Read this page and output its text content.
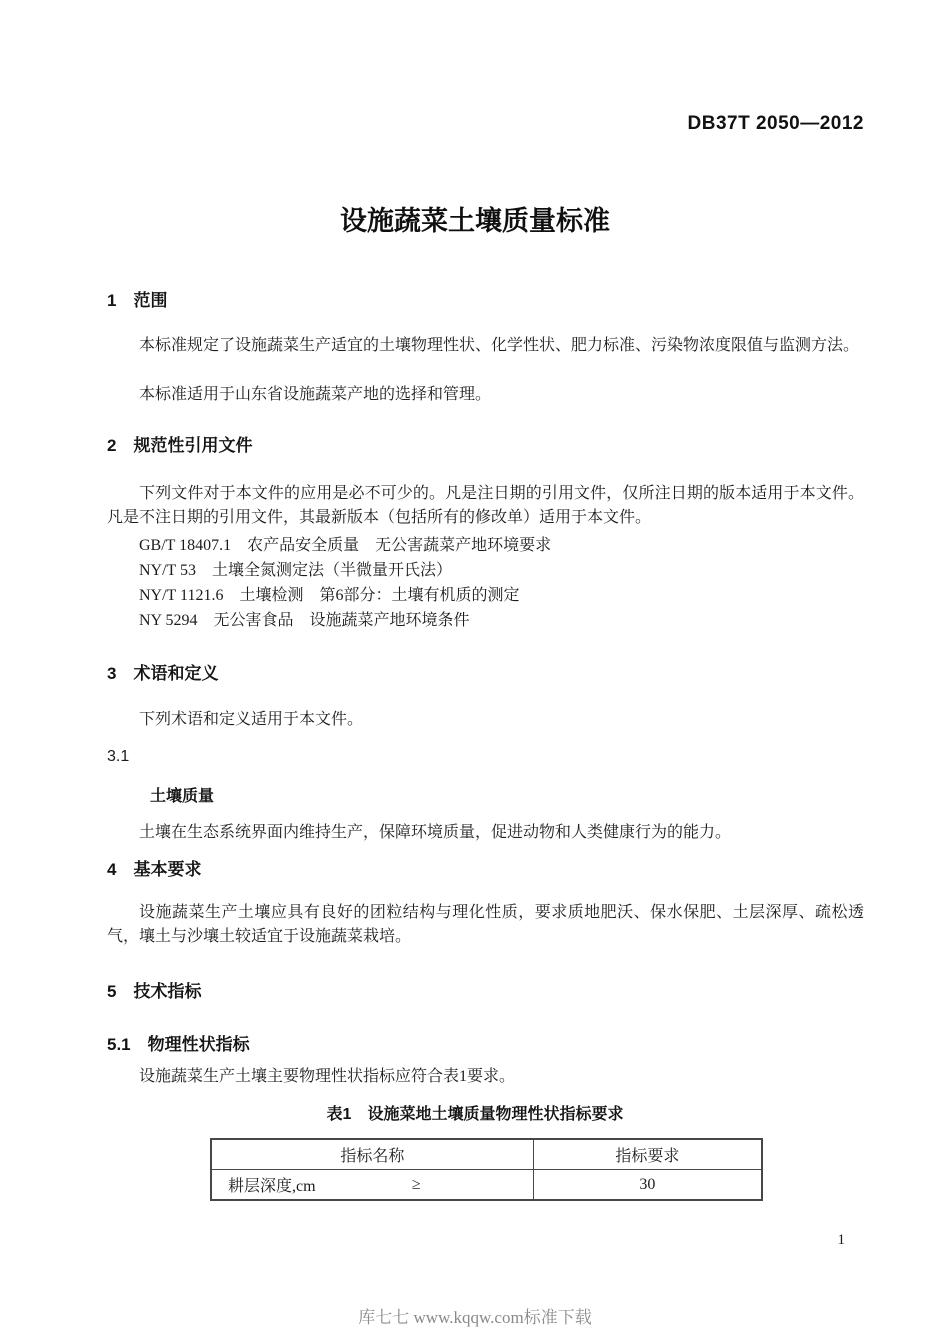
DB37T 2050—2012
设施蔬菜土壤质量标准
1 范围
本标准规定了设施蔬菜生产适宜的土壤物理性状、化学性状、肥力标准、污染物浓度限值与监测方法。
本标准适用于山东省设施蔬菜产地的选择和管理。
2 规范性引用文件
下列文件对于本文件的应用是必不可少的。凡是注日期的引用文件，仅所注日期的版本适用于本文件。凡是不注日期的引用文件，其最新版本（包括所有的修改单）适用于本文件。
GB/T 18407.1　农产品安全质量　无公害蔬菜产地环境要求
NY/T 53　土壤全氮测定法（半微量开氏法）
NY/T 1121.6　土壤检测　第6部分：土壤有机质的测定
NY 5294　无公害食品　设施蔬菜产地环境条件
3 术语和定义
下列术语和定义适用于本文件。
3.1
土壤质量
土壤在生态系统界面内维持生产，保障环境质量，促进动物和人类健康行为的能力。
4 基本要求
设施蔬菜生产土壤应具有良好的团粒结构与理化性质，要求质地肥沃、保水保肥、土层深厚、疏松透气，壤土与沙壤土较适宜于设施蔬菜栽培。
5 技术指标
5.1 物理性状指标
设施蔬菜生产土壤主要物理性状指标应符合表1要求。
表1　设施菜地土壤质量物理性状指标要求
指标名称	指标要求

耕层深度,cm ≥	30
1
库七七 www.kqqw.com标准下载
